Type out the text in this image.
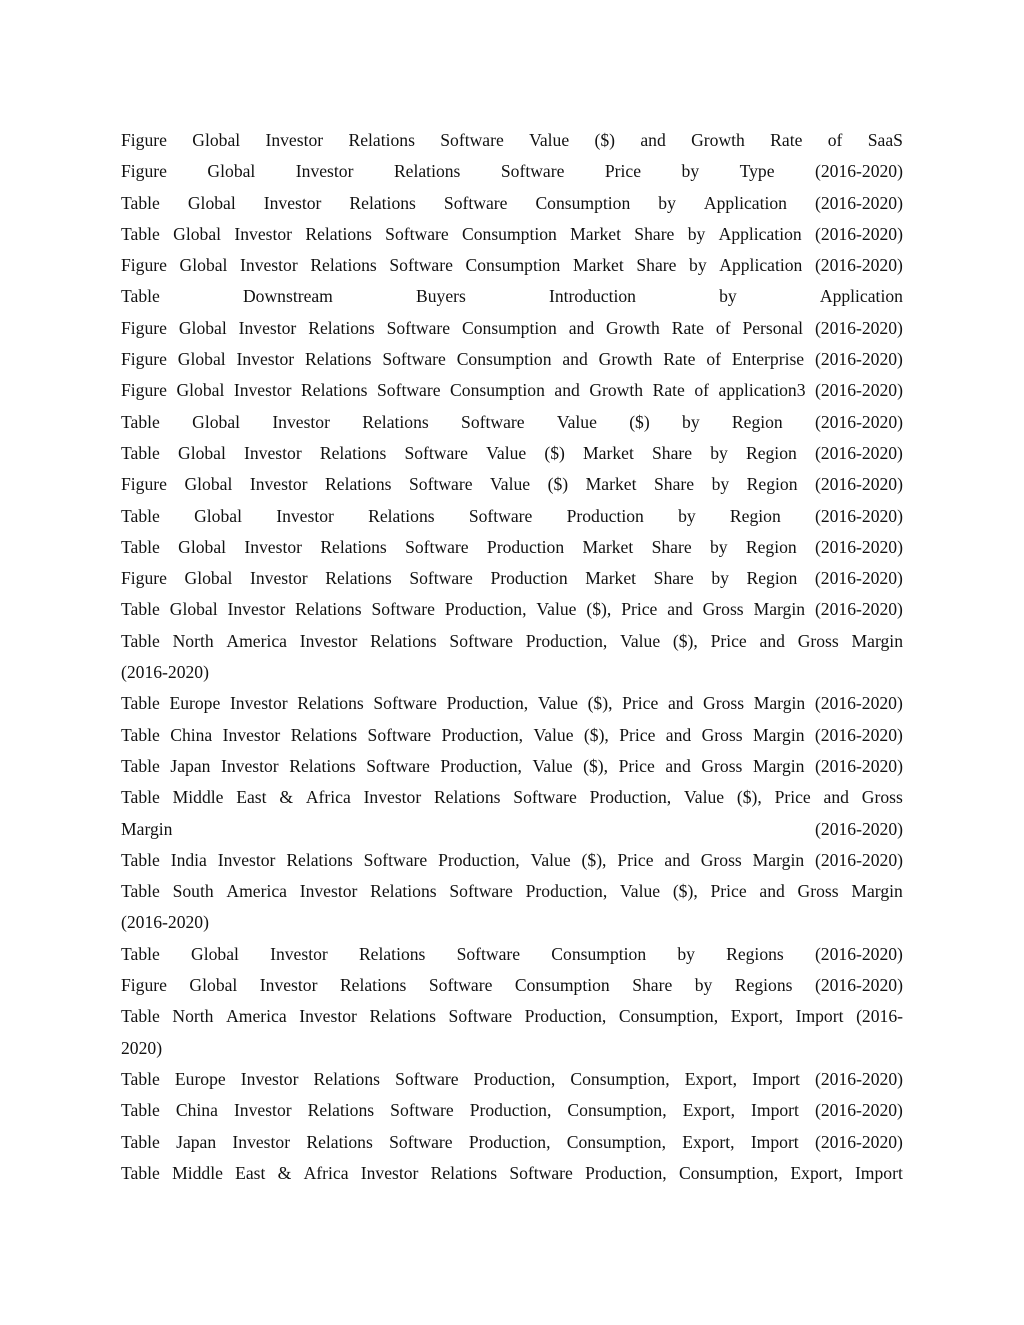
Figure Global Investor Relations Software Value ($) and Growth Rate of SaaS
Figure Global Investor Relations Software Price by Type (2016-2020)
Table Global Investor Relations Software Consumption by Application (2016-2020)
Table Global Investor Relations Software Consumption Market Share by Application (2016-2020)
Figure Global Investor Relations Software Consumption Market Share by Application (2016-2020)
Table	Downstream	Buyers	Introduction	by	Application
Figure Global Investor Relations Software Consumption and Growth Rate of Personal (2016-2020)
Figure Global Investor Relations Software Consumption and Growth Rate of Enterprise (2016-2020)
Figure Global Investor Relations Software Consumption and Growth Rate of application3 (2016-2020)
Table Global Investor Relations Software Value ($) by Region (2016-2020)
Table Global Investor Relations Software Value ($) Market Share by Region (2016-2020)
Figure Global Investor Relations Software Value ($) Market Share by Region (2016-2020)
Table Global Investor Relations Software Production by Region (2016-2020)
Table Global Investor Relations Software Production Market Share by Region (2016-2020)
Figure Global Investor Relations Software Production Market Share by Region (2016-2020)
Table Global Investor Relations Software Production, Value ($), Price and Gross Margin (2016-2020)
Table North America Investor Relations Software Production, Value ($), Price and Gross Margin
(2016-2020)
Table Europe Investor Relations Software Production, Value ($), Price and Gross Margin (2016-2020)
Table China Investor Relations Software Production, Value ($), Price and Gross Margin (2016-2020)
Table Japan Investor Relations Software Production, Value ($), Price and Gross Margin (2016-2020)
Table Middle East & Africa Investor Relations Software Production, Value ($), Price and Gross
Margin	(2016-2020)
Table India Investor Relations Software Production, Value ($), Price and Gross Margin (2016-2020)
Table South America Investor Relations Software Production, Value ($), Price and Gross Margin
(2016-2020)
Table Global Investor Relations Software Consumption by Regions (2016-2020)
Figure Global Investor Relations Software Consumption Share by Regions (2016-2020)
Table North America Investor Relations Software Production, Consumption, Export, Import (2016-
2020)
Table Europe Investor Relations Software Production, Consumption, Export, Import (2016-2020)
Table China Investor Relations Software Production, Consumption, Export, Import (2016-2020)
Table Japan Investor Relations Software Production, Consumption, Export, Import (2016-2020)
Table Middle East & Africa Investor Relations Software Production, Consumption, Export, Import
